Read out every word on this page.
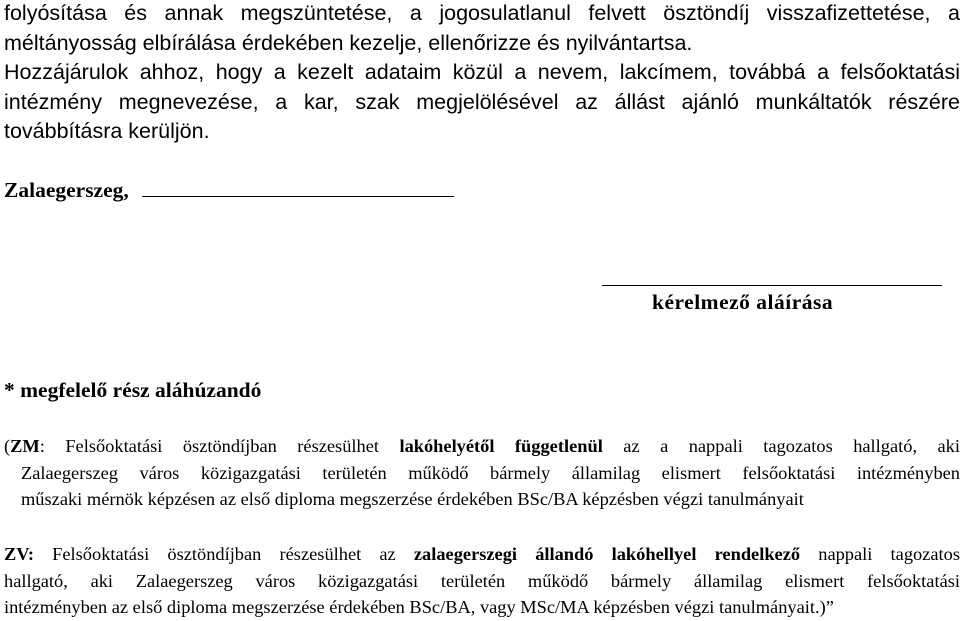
folyósítása és annak megszüntetése, a jogosulatlanul felvett ösztöndíj visszafizettetése, a
méltányosság elbírálása érdekében kezelje, ellenőrizze és nyilvántartsa.
Hozzájárulok ahhoz, hogy a kezelt adataim közül a nevem, lakcímem, továbbá a felsőoktatási
intézmény megnevezése, a kar, szak megjelölésével az állást ajánló munkáltatók részére
továbbításra kerüljön.
Zalaegerszeg,
kérelmező aláírása
* megfelelő rész aláhúzandó
(ZM: Felsőoktatási ösztöndíjban részesülhet lakóhelyétől függetlenül az a nappali tagozatos hallgató, aki
Zalaegerszeg város közigazgatási területén működő bármely államilag elismert felsőoktatási intézményben
műszaki mérnök képzésen az első diploma megszerzése érdekében BSc/BA képzésben végzi tanulmányait
ZV: Felsőoktatási ösztöndíjban részesülhet az zalaegerszegi állandó lakóhellyel rendelkező nappali tagozatos
hallgató, aki Zalaegerszeg város közigazgatási területén működő bármely államilag elismert felsőoktatási
intézményben az első diploma megszerzése érdekében BSc/BA, vagy MSc/MA képzésben végzi tanulmányait.)”
